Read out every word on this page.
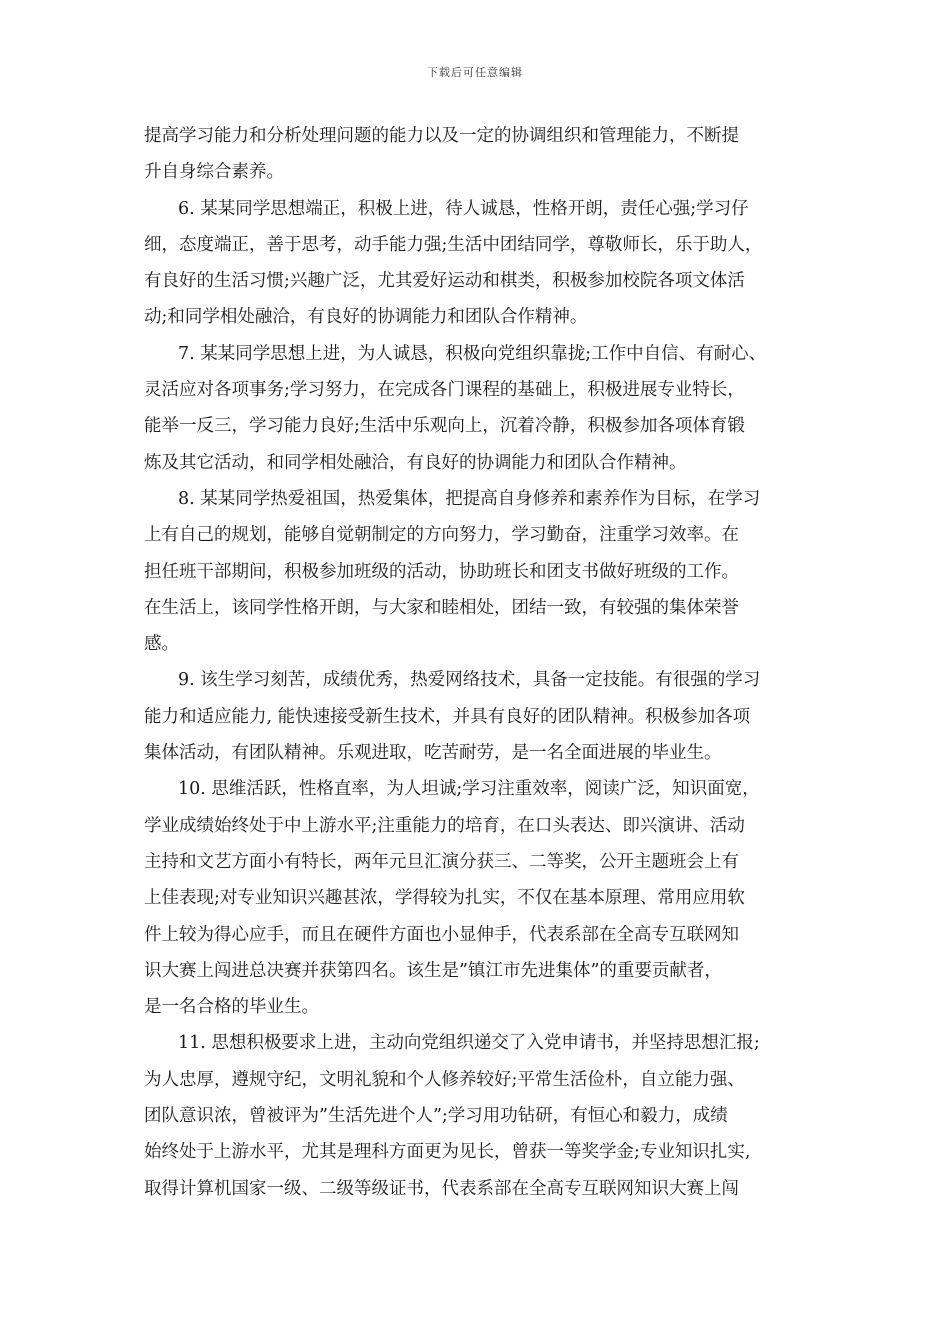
下载后可任意编辑
提高学习能力和分析处理问题的能力以及一定的协调组织和管理能力，不断提
升自身综合素养。
6. 某某同学思想端正，积极上进，待人诚恳，性格开朗，责任心强;学习仔
细，态度端正，善于思考，动手能力强;生活中团结同学，尊敬师长，乐于助人，
有良好的生活习惯;兴趣广泛，尤其爱好运动和棋类，积极参加校院各项文体活
动;和同学相处融洽，有良好的协调能力和团队合作精神。
7. 某某同学思想上进，为人诚恳，积极向党组织靠拢;工作中自信、有耐心、
灵活应对各项事务;学习努力，在完成各门课程的基础上，积极进展专业特长，
能举一反三，学习能力良好;生活中乐观向上，沉着冷静，积极参加各项体育锻
炼及其它活动，和同学相处融洽，有良好的协调能力和团队合作精神。
8. 某某同学热爱祖国，热爱集体，把提高自身修养和素养作为目标，在学习
上有自己的规划，能够自觉朝制定的方向努力，学习勤奋，注重学习效率。在
担任班干部期间，积极参加班级的活动，协助班长和团支书做好班级的工作。
在生活上，该同学性格开朗，与大家和睦相处，团结一致，有较强的集体荣誉
感。
9. 该生学习刻苦，成绩优秀，热爱网络技术，具备一定技能。有很强的学习
能力和适应能力, 能快速接受新生技术，并具有良好的团队精神。积极参加各项
集体活动，有团队精神。乐观进取，吃苦耐劳，是一名全面进展的毕业生。
10. 思维活跃，性格直率，为人坦诚;学习注重效率，阅读广泛，知识面宽，
学业成绩始终处于中上游水平;注重能力的培育，在口头表达、即兴演讲、活动
主持和文艺方面小有特长，两年元旦汇演分获三、二等奖，公开主题班会上有
上佳表现;对专业知识兴趣甚浓，学得较为扎实，不仅在基本原理、常用应用软
件上较为得心应手，而且在硬件方面也小显伸手，代表系部在全高专互联网知
识大赛上闯进总决赛并获第四名。该生是”镇江市先进集体”的重要贡献者，
是一名合格的毕业生。
11. 思想积极要求上进，主动向党组织递交了入党申请书，并坚持思想汇报;
为人忠厚，遵规守纪，文明礼貌和个人修养较好;平常生活俭朴，自立能力强、
团队意识浓，曾被评为”生活先进个人”;学习用功钻研，有恒心和毅力，成绩
始终处于上游水平，尤其是理科方面更为见长，曾获一等奖学金;专业知识扎实,
取得计算机国家一级、二级等级证书，代表系部在全高专互联网知识大赛上闯
